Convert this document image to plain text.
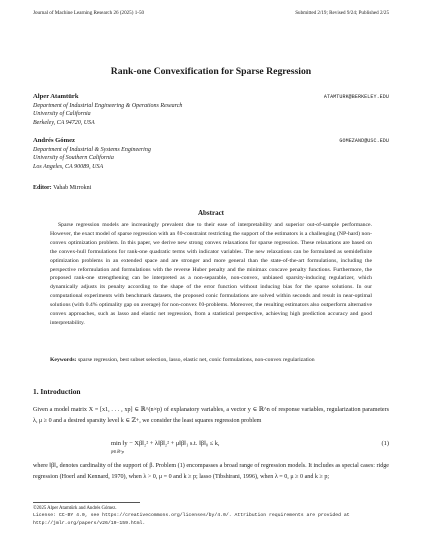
Journal of Machine Learning Research 26 (2025) 1-50	Submitted 2/19; Revised 9/24; Published 2/25
Rank-one Convexification for Sparse Regression
Alper Atamtürk	ATAMTURK@BERKELEY.EDU
Department of Industrial Engineering & Operations Research
University of California
Berkeley, CA 94720, USA
Andrés Gómez	GOMEZAND@USC.EDU
Department of Industrial & Systems Engineering
University of Southern California
Los Angeles, CA 90089, USA
Editor: Vahab Mirrokni
Abstract

Sparse regression models are increasingly prevalent due to their ease of interpretability and superior out-of-sample performance. However, the exact model of sparse regression with an ℓ0-constraint restricting the support of the estimators is a challenging (NP-hard) non-convex optimization problem. In this paper, we derive new strong convex relaxations for sparse regression. These relaxations are based on the convex-hull formulations for rank-one quadratic terms with indicator variables. The new relaxations can be formulated as semidefinite optimization problems in an extended space and are stronger and more general than the state-of-the-art formulations, including the perspective reformulation and formulations with the reverse Huber penalty and the minimax concave penalty functions. Furthermore, the proposed rank-one strengthening can be interpreted as a non-separable, non-convex, unbiased sparsity-inducing regularizer, which dynamically adjusts its penalty according to the shape of the error function without inducing bias for the sparse solutions. In our computational experiments with benchmark datasets, the proposed conic formulations are solved within seconds and result in near-optimal solutions (with 0.4% optimality gap on average) for non-convex ℓ0-problems. Moreover, the resulting estimators also outperform alternative convex approaches, such as lasso and elastic net regression, from a statistical perspective, achieving high prediction accuracy and good interpretability.

Keywords: sparse regression, best subset selection, lasso, elastic net, conic formulations, non-convex regularization
1. Introduction

Given a model matrix X = [x1, . . . , xp] ∈ ℝ^(n×p) of explanatory variables, a vector y ∈ ℝ^n of response variables, regularization parameters λ, μ ≥ 0 and a desired sparsity level k ∈ ℤ+, we consider the least squares regression problem

min ‖y − Xβ‖₂² + λ‖β‖₂² + μ‖β‖₁ s.t. ‖β‖₀ ≤ k,
β∈ℝ^p
(1)

where ‖β‖₀ denotes cardinality of the support of β. Problem (1) encompasses a broad range of regression models. It includes as special cases: ridge regression (Hoerl and Kennard, 1970), when λ > 0, μ = 0 and k ≥ p; lasso (Tibshirani, 1996), when λ = 0, μ ≥ 0 and k ≥ p;

©2025 Alper Atamtürk and Andrés Gómez.
License: CC-BY 4.0, see https://creativecommons.org/licenses/by/4.0/. Attribution requirements are provided at http://jmlr.org/papers/v26/19-159.html.
